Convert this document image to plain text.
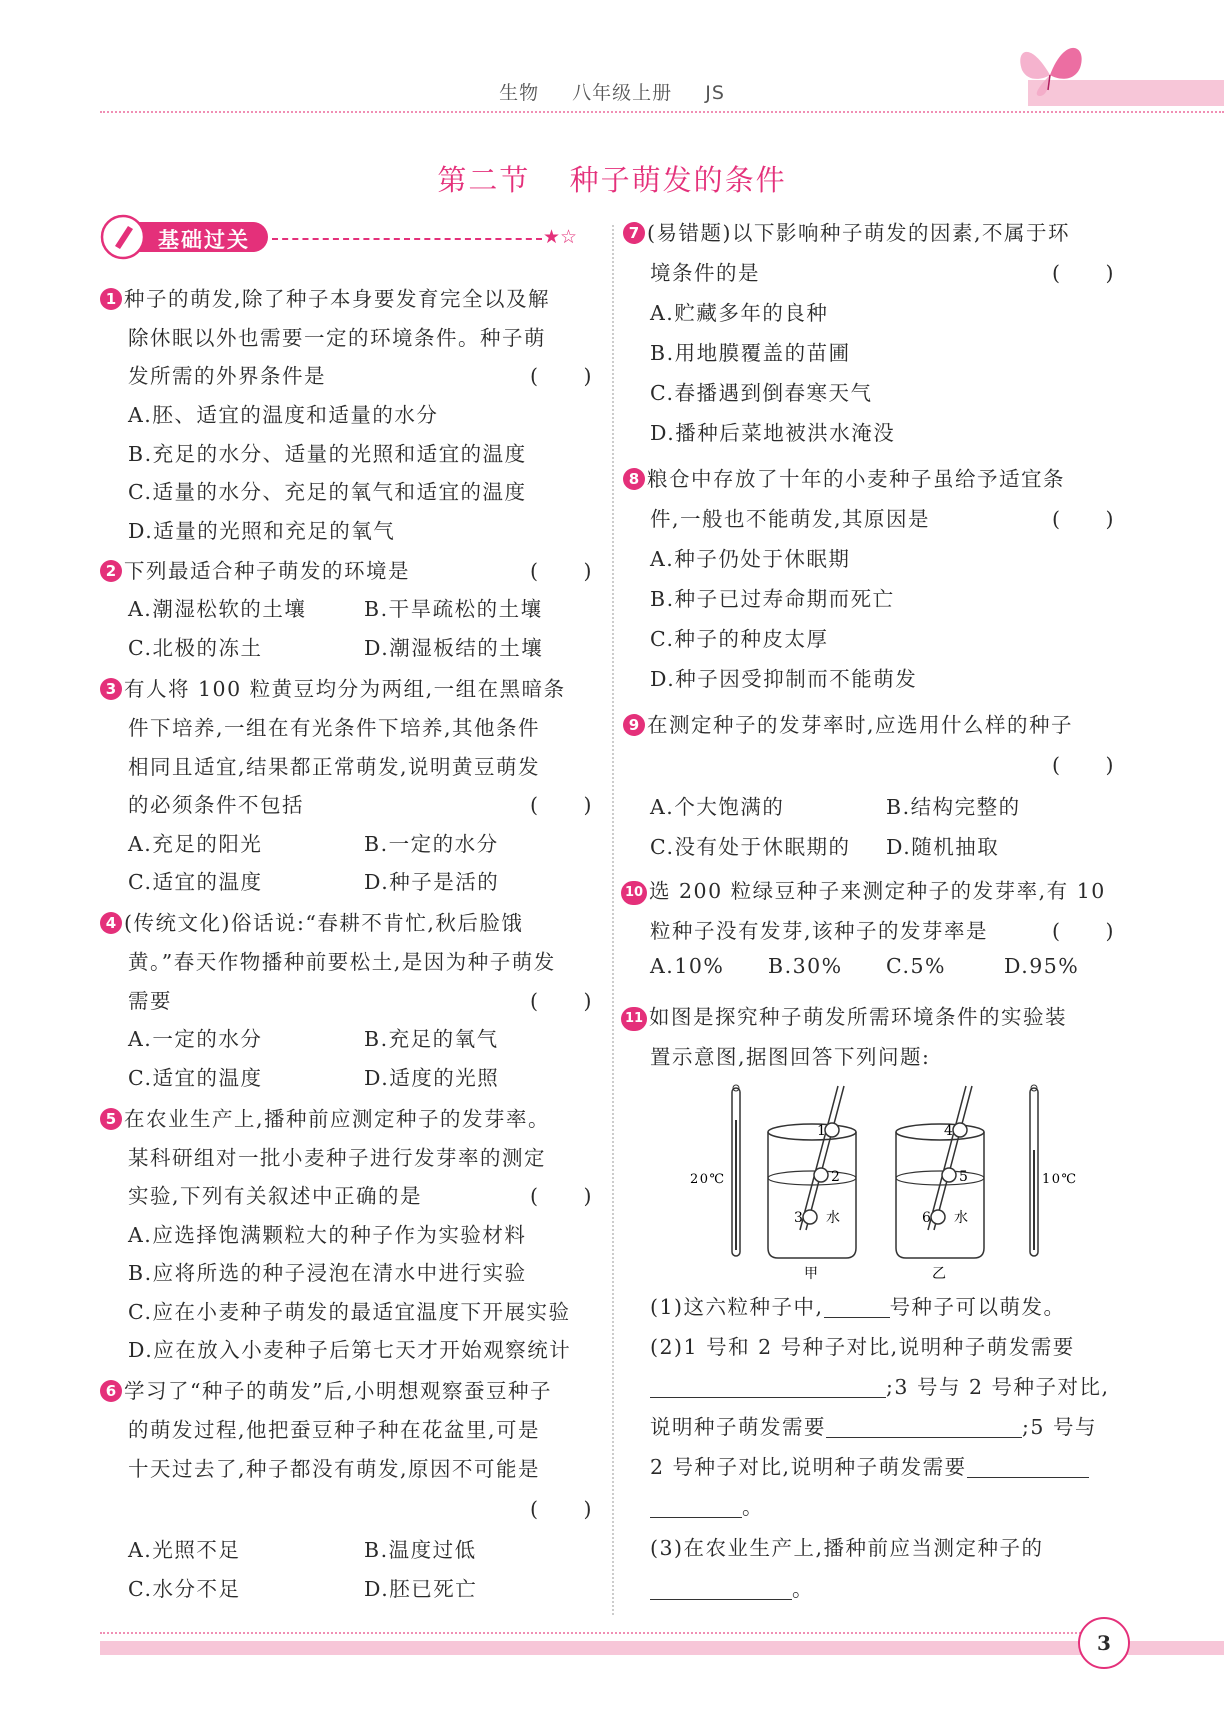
生物 八年级上册 JS
第二节 种子萌发的条件
基础过关	★☆
1 种子的萌发,除了种子本身要发育完全以及解
除休眠以外也需要一定的环境条件。种子萌
发所需的外界条件是	(　　)
A.胚、适宜的温度和适量的水分
B.充足的水分、适量的光照和适宜的温度
C.适量的水分、充足的氧气和适宜的温度
D.适量的光照和充足的氧气
2 下列最适合种子萌发的环境是	(　　)
A.潮湿松软的土壤	B.干旱疏松的土壤
C.北极的冻土	D.潮湿板结的土壤
3 有人将 100 粒黄豆均分为两组,一组在黑暗条
件下培养,一组在有光条件下培养,其他条件
相同且适宜,结果都正常萌发,说明黄豆萌发
的必须条件不包括	(　　)
A.充足的阳光	B.一定的水分
C.适宜的温度	D.种子是活的
4 (传统文化)俗话说:“春耕不肯忙,秋后脸饿
黄。”春天作物播种前要松土,是因为种子萌发
需要	(　　)
A.一定的水分	B.充足的氧气
C.适宜的温度	D.适度的光照
5 在农业生产上,播种前应测定种子的发芽率。
某科研组对一批小麦种子进行发芽率的测定
实验,下列有关叙述中正确的是	(　　)
A.应选择饱满颗粒大的种子作为实验材料
B.应将所选的种子浸泡在清水中进行实验
C.应在小麦种子萌发的最适宜温度下开展实验
D.应在放入小麦种子后第七天才开始观察统计
6 学习了“种子的萌发”后,小明想观察蚕豆种子
的萌发过程,他把蚕豆种子种在花盆里,可是
十天过去了,种子都没有萌发,原因不可能是
(　　)
A.光照不足	B.温度过低
C.水分不足	D.胚已死亡
7 (易错题)以下影响种子萌发的因素,不属于环
境条件的是	(　　)
A.贮藏多年的良种
B.用地膜覆盖的苗圃
C.春播遇到倒春寒天气
D.播种后菜地被洪水淹没
8 粮仓中存放了十年的小麦种子虽给予适宜条
件,一般也不能萌发,其原因是	(　　)
A.种子仍处于休眠期
B.种子已过寿命期而死亡
C.种子的种皮太厚
D.种子因受抑制而不能萌发
9 在测定种子的发芽率时,应选用什么样的种子
(　　)
A.个大饱满的	B.结构完整的
C.没有处于休眠期的 D.随机抽取
10 选 200 粒绿豆种子来测定种子的发芽率,有 10
粒种子没有发芽,该种子的发芽率是	(　　)
A.10% B.30% C.5%	D.95%
11 如图是探究种子萌发所需环境条件的实验装
置示意图,据图回答下列问题:
20℃
1
2
3 水
甲
4
5
6 水
乙
10℃
(1)这六粒种子中,	号种子可以萌发。
(2)1 号和 2 号种子对比,说明种子萌发需要
;3 号与 2 号种子对比,
说明种子萌发需要	;5 号与
2 号种子对比,说明种子萌发需要
。
(3)在农业生产上,播种前应当测定种子的
。
3
